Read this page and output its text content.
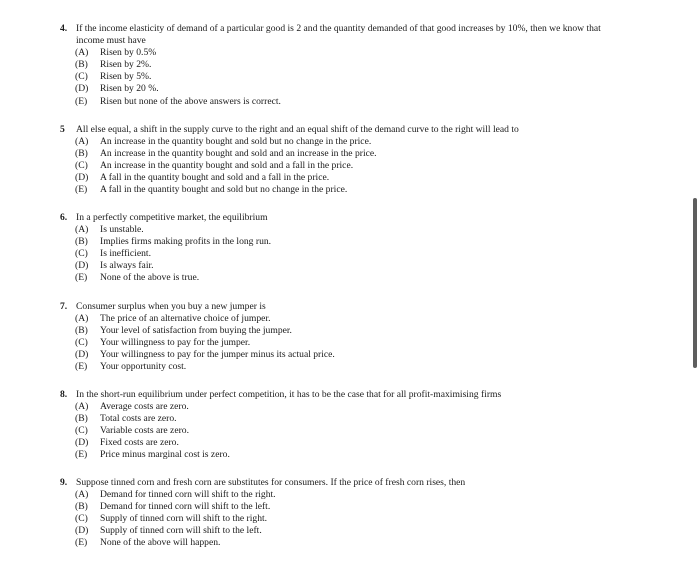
4. If the income elasticity of demand of a particular good is 2 and the quantity demanded of that good increases by 10%, then we know that income must have
(A)	Risen by 0.5%
(B)	Risen by 2%.
(C)	Risen by 5%.
(D)	Risen by 20 %.
(E)	Risen but none of the above answers is correct.
5	All else equal, a shift in the supply curve to the right and an equal shift of the demand curve to the right will lead to
(A)	An increase in the quantity bought and sold but no change in the price.
(B)	An increase in the quantity bought and sold and an increase in the price.
(C)	An increase in the quantity bought and sold and a fall in the price.
(D)	A fall in the quantity bought and sold and a fall in the price.
(E)	A fall in the quantity bought and sold but no change in the price.
6. In a perfectly competitive market, the equilibrium
(A)	Is unstable.
(B)	Implies firms making profits in the long run.
(C)	Is inefficient.
(D)	Is always fair.
(E)	None of the above is true.
7. Consumer surplus when you buy a new jumper is
(A)	The price of an alternative choice of jumper.
(B)	Your level of satisfaction from buying the jumper.
(C)	Your willingness to pay for the jumper.
(D)	Your willingness to pay for the jumper minus its actual price.
(E)	Your opportunity cost.
8. In the short-run equilibrium under perfect competition, it has to be the case that for all profit-maximising firms
(A)	Average costs are zero.
(B)	Total costs are zero.
(C)	Variable costs are zero.
(D)	Fixed costs are zero.
(E)	Price minus marginal cost is zero.
9. Suppose tinned corn and fresh corn are substitutes for consumers. If the price of fresh corn rises, then
(A)	Demand for tinned corn will shift to the right.
(B)	Demand for tinned corn will shift to the left.
(C)	Supply of tinned corn will shift to the right.
(D)	Supply of tinned corn will shift to the left.
(E)	None of the above will happen.
